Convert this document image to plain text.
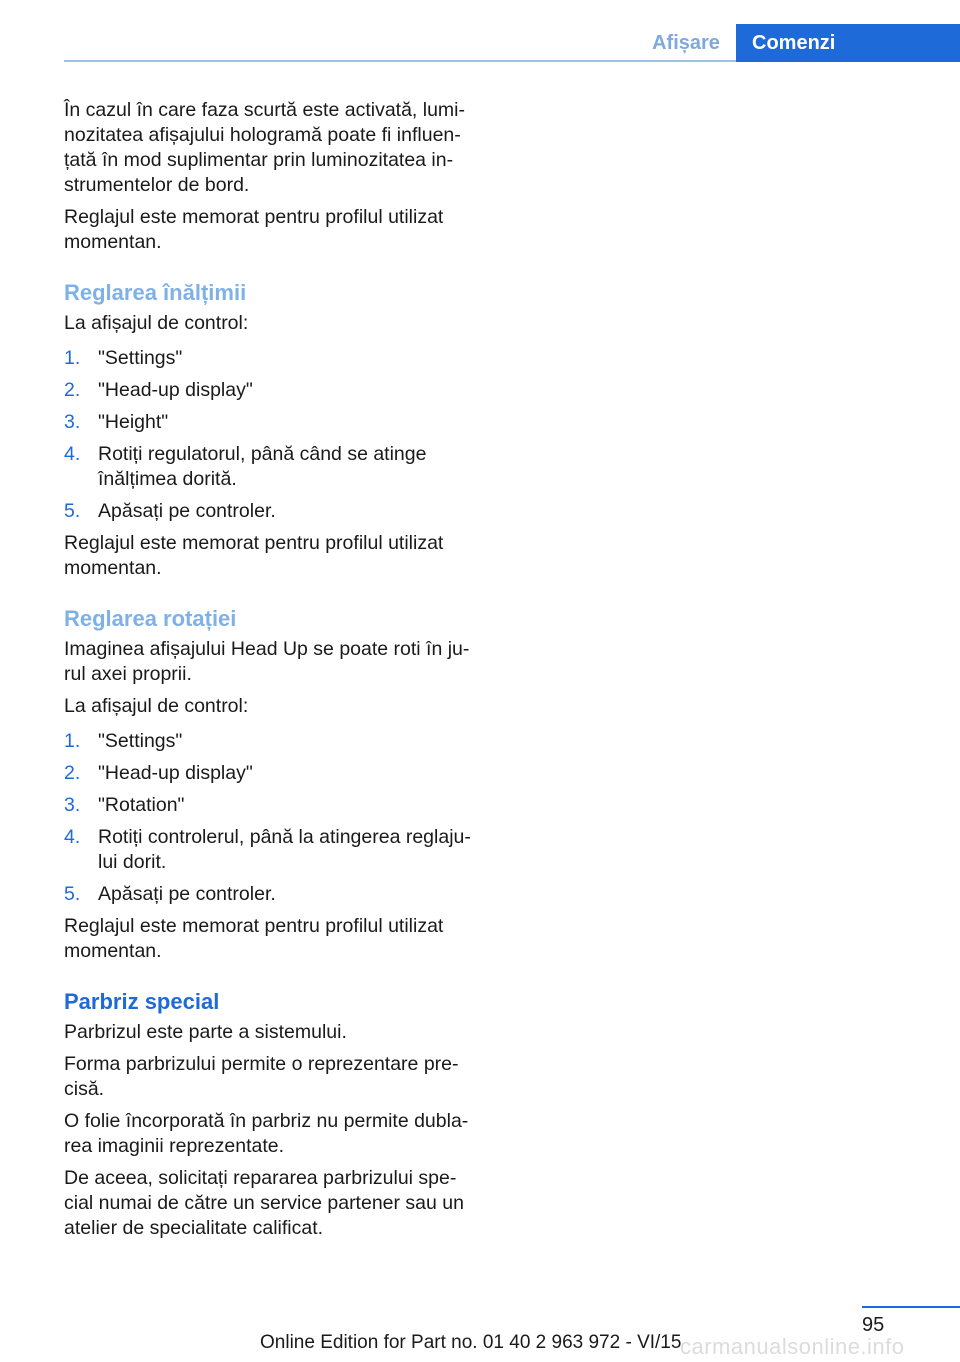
Afișare	Comenzi

În cazul în care faza scurtă este activată, lumi-nozitatea afișajului hologramă poate fi influen-țată în mod suplimentar prin luminozitatea in-strumentelor de bord.

Reglajul este memorat pentru profilul utilizat momentan.

Reglarea înălțimii

La afișajul de control:

1. "Settings"
2. "Head-up display"
3. "Height"
4. Rotiți regulatorul, până când se atinge înălțimea dorită.
5. Apăsați pe controler.

Reglajul este memorat pentru profilul utilizat momentan.

Reglarea rotației

Imaginea afișajului Head Up se poate roti în ju-rul axei proprii.

La afișajul de control:

1. "Settings"
2. "Head-up display"
3. "Rotation"
4. Rotiți controlerul, până la atingerea reglaju-lui dorit.
5. Apăsați pe controler.

Reglajul este memorat pentru profilul utilizat momentan.

Parbriz special

Parbrizul este parte a sistemului.

Forma parbrizului permite o reprezentare pre-cisă.

O folie încorporată în parbriz nu permite dubla-rea imaginii reprezentate.

De aceea, solicitați repararea parbrizului spe-cial numai de către un service partener sau un atelier de specialitate calificat.

95
Online Edition for Part no. 01 40 2 963 972 - VI/15
carmanualsonline.info
